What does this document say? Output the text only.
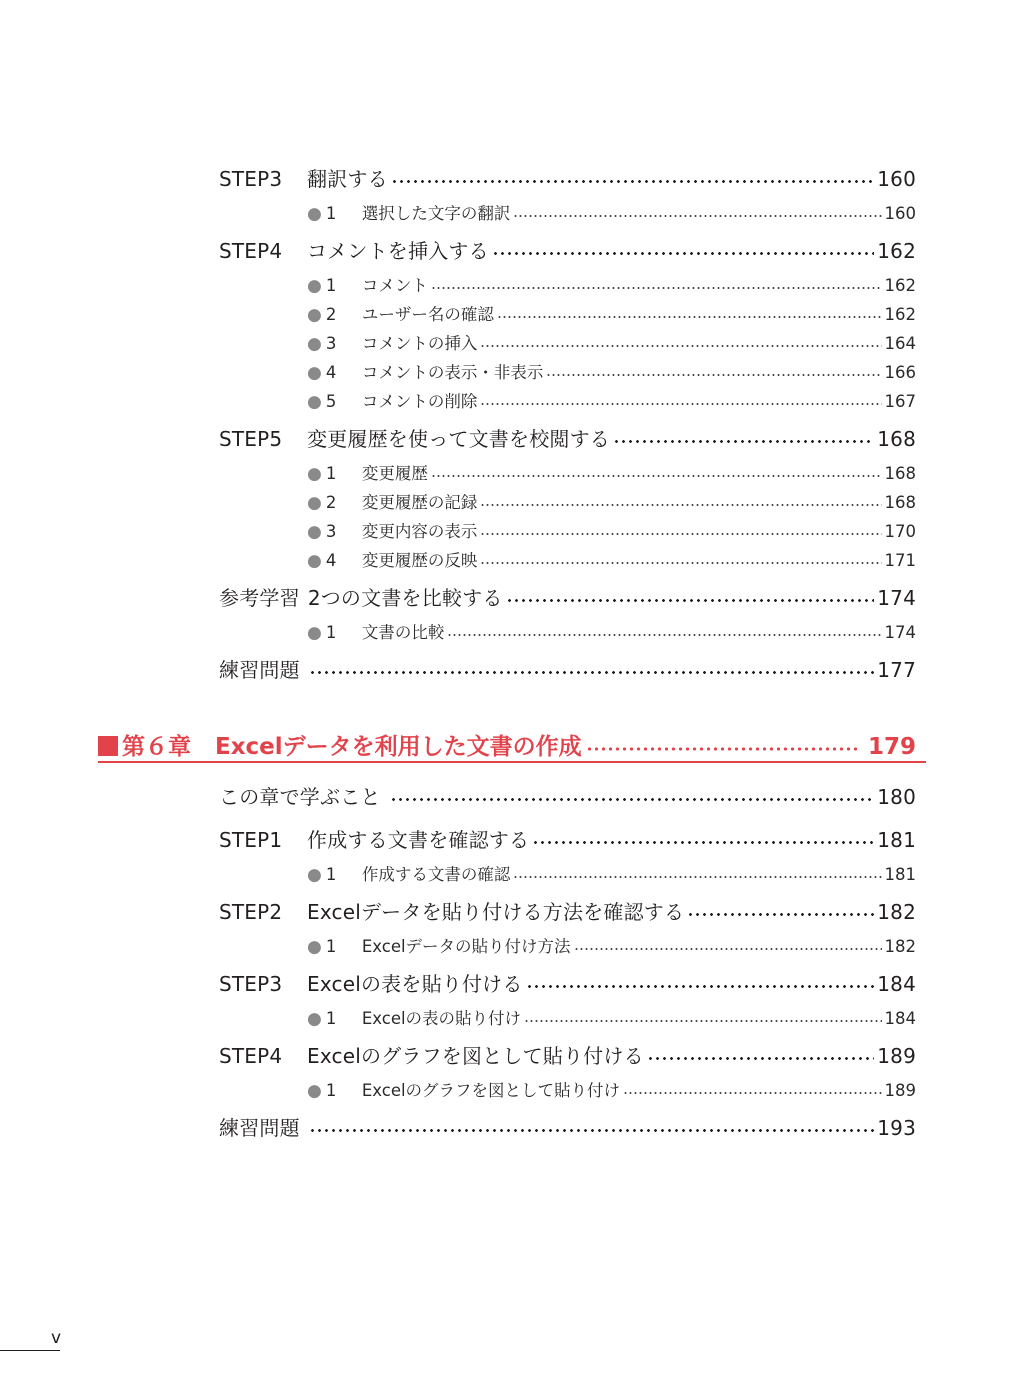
STEP3	翻訳する	160
● 1	選択した文字の翻訳	160
STEP4	コメントを挿入する	162
● 1	コメント	162
● 2	ユーザー名の確認	162
● 3	コメントの挿入	164
● 4	コメントの表示・非表示	166
● 5	コメントの削除	167
STEP5	変更履歴を使って文書を校閲する	168
● 1	変更履歴	168
● 2	変更履歴の記録	168
● 3	変更内容の表示	170
● 4	変更履歴の反映	171
参考学習 2つの文書を比較する	174
● 1	文書の比較	174
練習問題	177
第６章 Excelデータを利用した文書の作成	179
この章で学ぶこと	180
STEP1	作成する文書を確認する	181
● 1	作成する文書の確認	181
STEP2	Excelデータを貼り付ける方法を確認する	182
● 1	Excelデータの貼り付け方法	182
STEP3	Excelの表を貼り付ける	184
● 1	Excelの表の貼り付け	184
STEP4	Excelのグラフを図として貼り付ける	189
● 1	Excelのグラフを図として貼り付け	189
練習問題	193
v
